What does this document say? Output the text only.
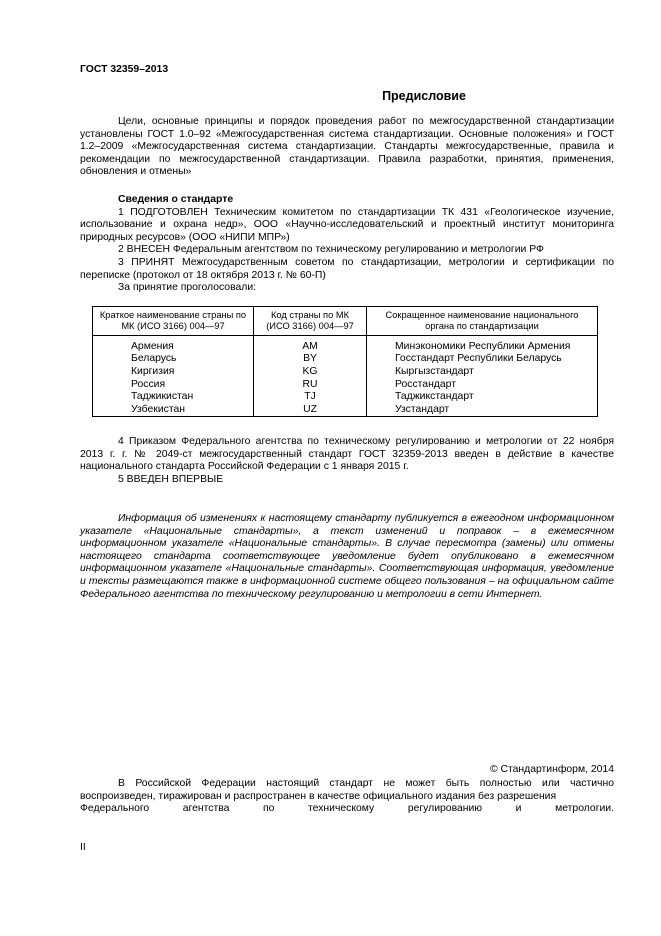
ГОСТ 32359–2013
Предисловие

Цели, основные принципы и порядок проведения работ по межгосударственной стандартизации установлены ГОСТ 1.0–92 «Межгосударственная система стандартизации. Основные положения» и ГОСТ 1.2–2009 «Межгосударственная система стандартизации. Стандарты межгосударственные, правила и рекомендации по межгосударственной стандартизации. Правила разработки, принятия, применения, обновления и отмены»

Сведения о стандарте

1 ПОДГОТОВЛЕН Техническим комитетом по стандартизации ТК 431 «Геологическое изучение, использование и охрана недр», ООО «Научно-исследовательский и проектный институт мониторинга природных ресурсов» (ООО «НИПИ МПР»)

2 ВНЕСЕН Федеральным агентством по техническому регулированию и метрологии РФ

3 ПРИНЯТ Межгосударственным советом по стандартизации, метрологии и сертификации по переписке (протокол от 18 октября 2013 г. № 60-П)

За принятие проголосовали:

Краткое наименование страны по МК (ИСО 3166) 004—97	Код страны по МК (ИСО 3166) 004—97	Сокращенное наименование национального органа по стандартизации

Армения	AM	Минэкономики Республики Армения
Беларусь	BY	Госстандарт Республики Беларусь
Киргизия	KG	Кыргызстандарт
Россия	RU	Росстандарт
Таджикистан	TJ	Таджикстандарт
Узбекистан	UZ	Узстандарт

4 Приказом Федерального агентства по техническому регулированию и метрологии от 22 ноября 2013 г. г. № 2049-ст межгосударственный стандарт ГОСТ 32359-2013 введен в действие в качестве национального стандарта Российской Федерации с 1 января 2015 г.

5 ВВЕДЕН ВПЕРВЫЕ

Информация об изменениях к настоящему стандарту публикуется в ежегодном информационном указателе «Национальные стандарты», а текст изменений и поправок – в ежемесячном информационном указателе «Национальные стандарты». В случае пересмотра (замены) или отмены настоящего стандарта соответствующее уведомление будет опубликовано в ежемесячном информационном указателе «Национальные стандарты». Соответствующая информация, уведомление и тексты размещаются также в информационной системе общего пользования – на официальном сайте Федерального агентства по техническому регулированию и метрологии в сети Интернет.

© Стандартинформ, 2014

В Российской Федерации настоящий стандарт не может быть полностью или частично воспроизведен, тиражирован и распространен в качестве официального издания без разрешения

Федерального агентства по техническому регулированию и метрологии.

II
